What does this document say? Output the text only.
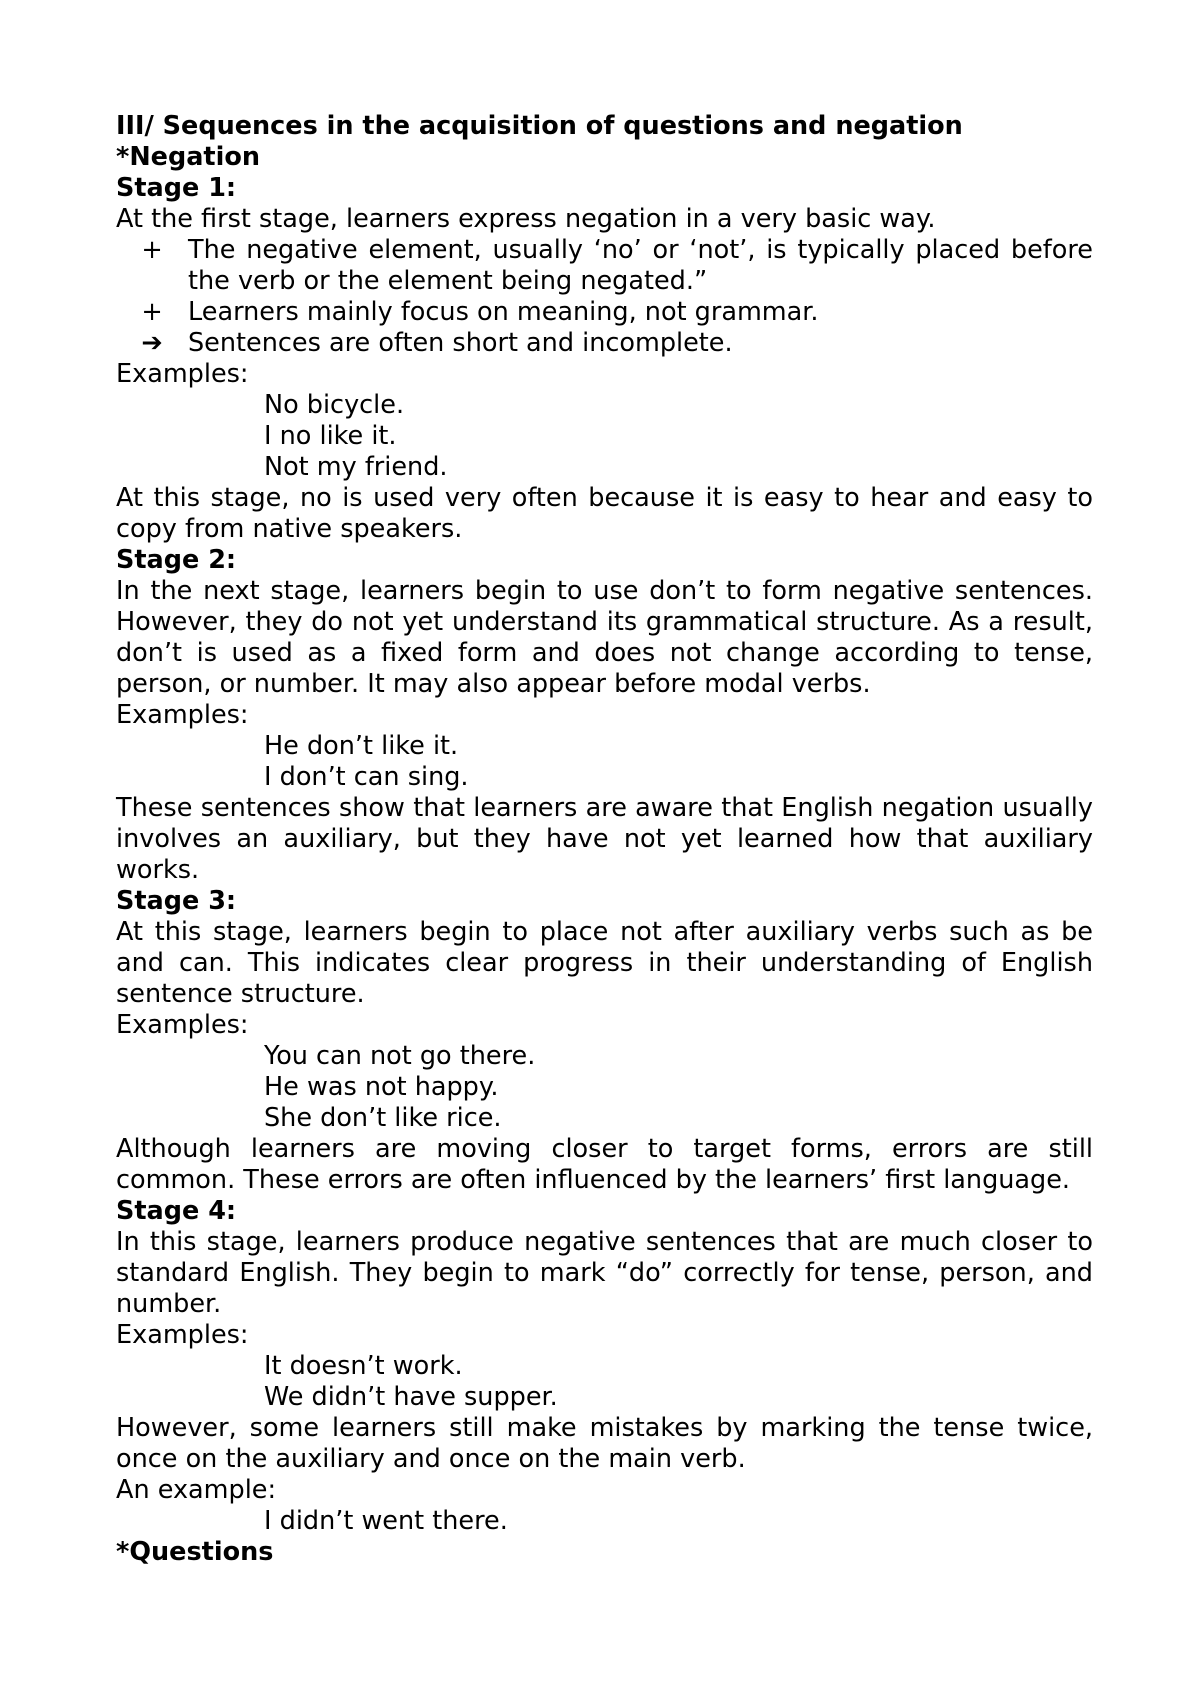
III/ Sequences in the acquisition of questions and negation

*Negation

Stage 1:

At the first stage, learners express negation in a very basic way.

+ The negative element, usually ‘no’ or ‘not’, is typically placed before the verb or the element being negated.”
+ Learners mainly focus on meaning, not grammar.
➔ Sentences are often short and incomplete.

Examples:

No bicycle.

I no like it.

Not my friend.

At this stage, no is used very often because it is easy to hear and easy to copy from native speakers.

Stage 2:

In the next stage, learners begin to use don’t to form negative sentences. However, they do not yet understand its grammatical structure. As a result, don’t is used as a fixed form and does not change according to tense, person, or number. It may also appear before modal verbs.

Examples:

He don’t like it.

I don’t can sing.

These sentences show that learners are aware that English negation usually involves an auxiliary, but they have not yet learned how that auxiliary works.

Stage 3:

At this stage, learners begin to place not after auxiliary verbs such as be and can. This indicates clear progress in their understanding of English sentence structure.

Examples:

You can not go there.

He was not happy.

She don’t like rice.

Although learners are moving closer to target forms, errors are still common. These errors are often influenced by the learners’ first language.

Stage 4:

In this stage, learners produce negative sentences that are much closer to standard English. They begin to mark “do” correctly for tense, person, and number.

Examples:

It doesn’t work.

We didn’t have supper.

However, some learners still make mistakes by marking the tense twice, once on the auxiliary and once on the main verb.

An example:

I didn’t went there.

*Questions
